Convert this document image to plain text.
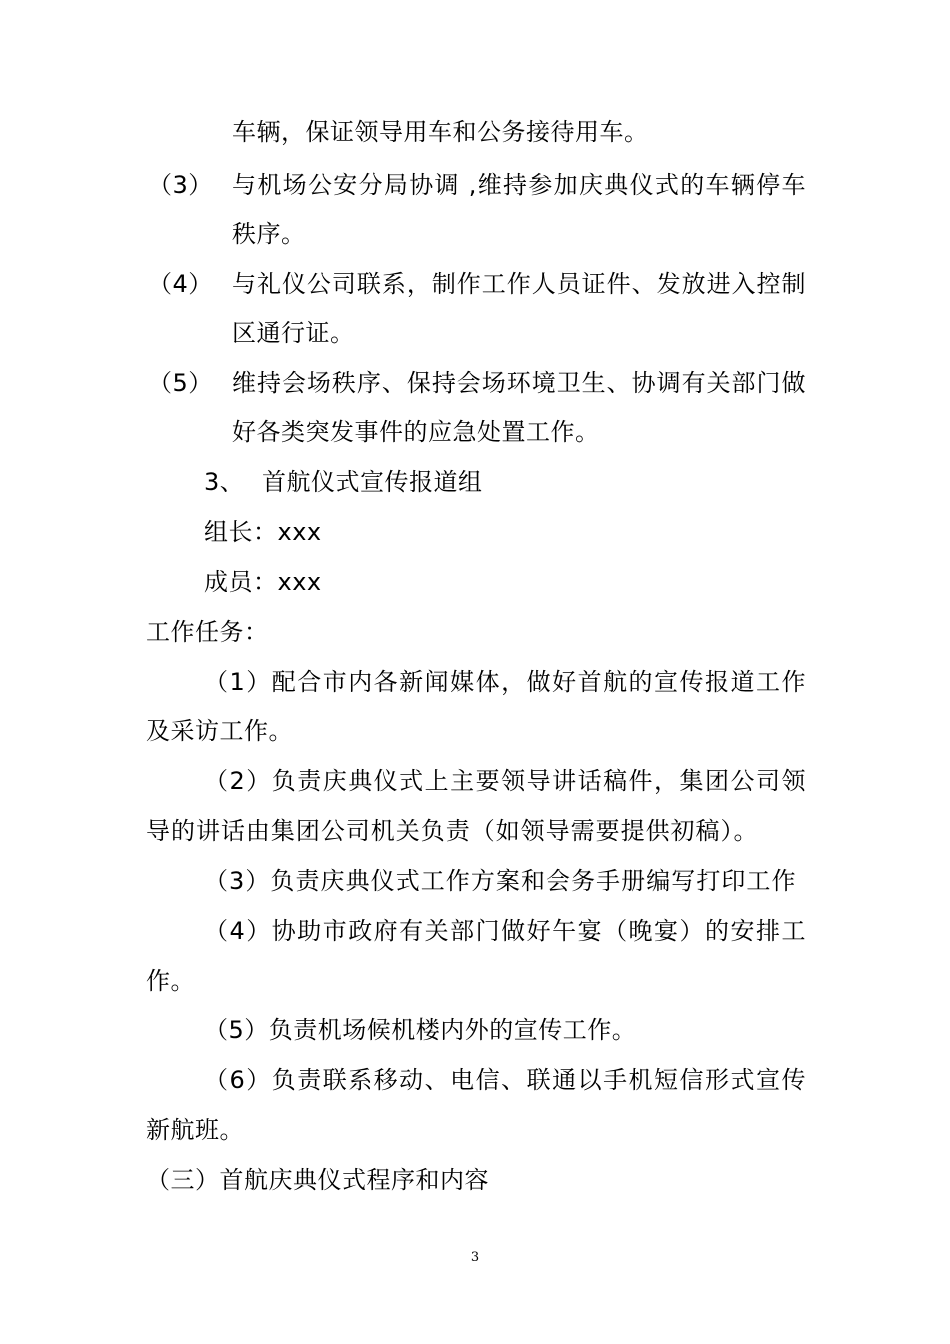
车辆，保证领导用车和公务接待用车。
（3） 与机场公安分局协调 ,维持参加庆典仪式的车辆停车
秩序。
（4） 与礼仪公司联系，制作工作人员证件、发放进入控制
区通行证。
（5） 维持会场秩序、保持会场环境卫生、协调有关部门做
好各类突发事件的应急处置工作。
3、 首航仪式宣传报道组
组长：xxx
成员：xxx
工作任务：
（1）配合市内各新闻媒体，做好首航的宣传报道工作
及采访工作。
（2）负责庆典仪式上主要领导讲话稿件，集团公司领
导的讲话由集团公司机关负责（如领导需要提供初稿）。
（3）负责庆典仪式工作方案和会务手册编写打印工作
（4）协助市政府有关部门做好午宴（晚宴）的安排工
作。
（5）负责机场候机楼内外的宣传工作。
（6）负责联系移动、电信、联通以手机短信形式宣传
新航班。
（三）首航庆典仪式程序和内容
3
